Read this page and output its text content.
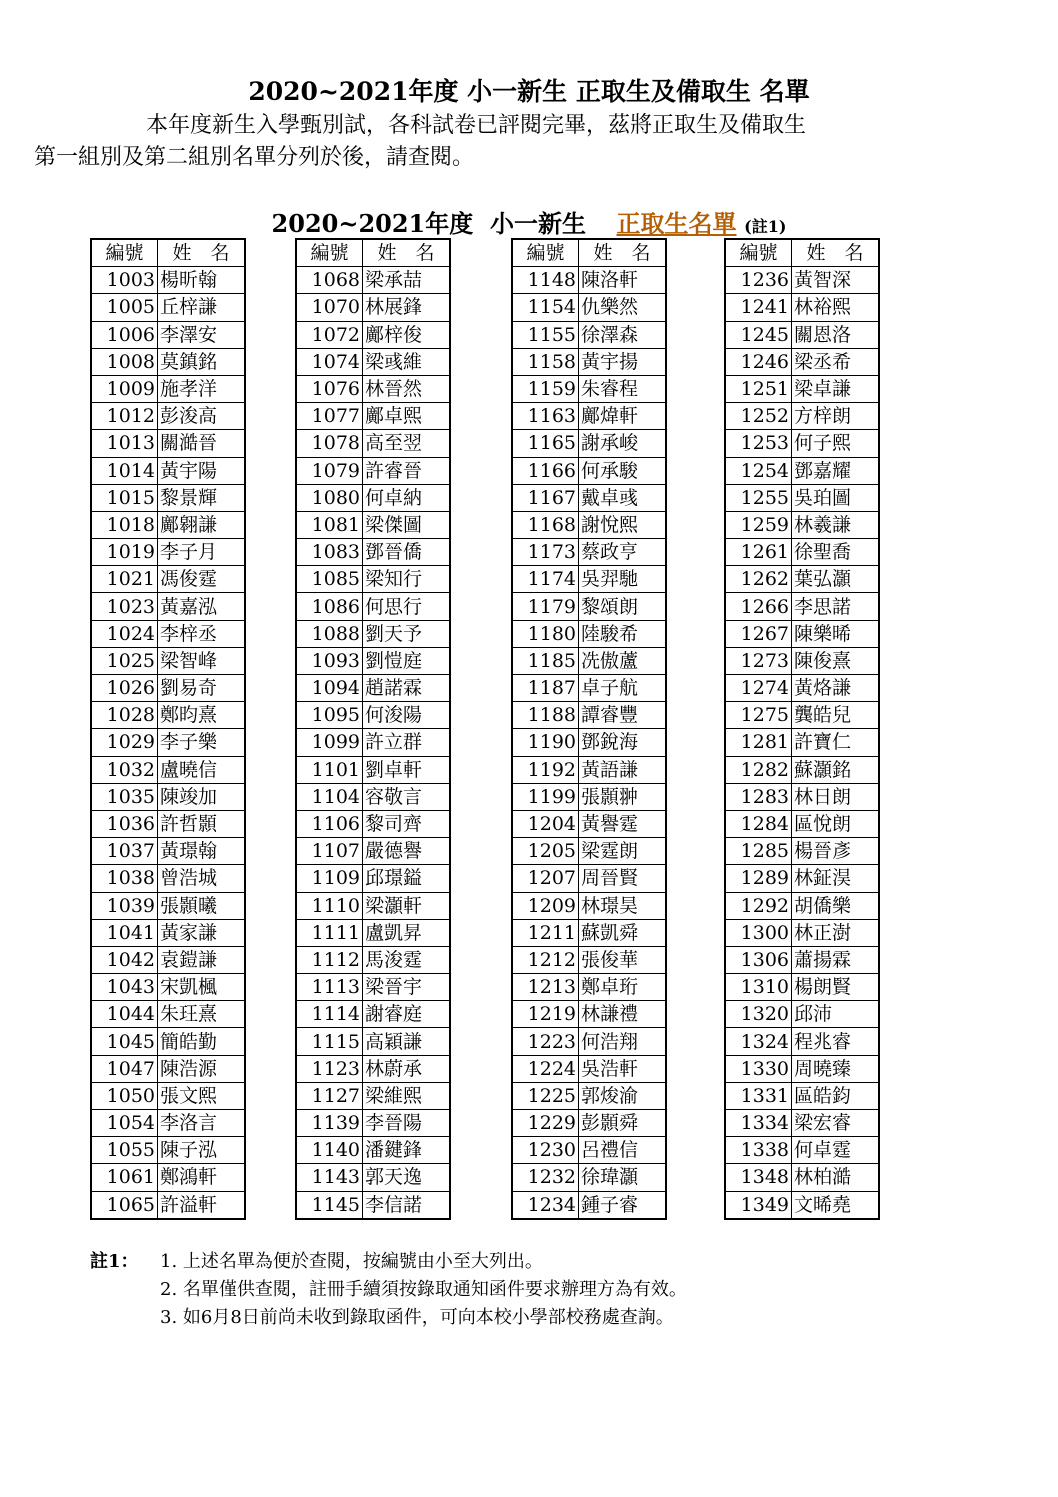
2020~2021年度 小一新生 正取生及備取生 名單
本年度新生入學甄別試，各科試卷已評閱完畢，茲將正取生及備取生
第一組別及第二組別名單分列於後，請查閱。
2020~2021年度  小一新生 正取生名單 (註1)
編號	姓　名
1003	楊昕翰
1005	丘梓謙
1006	李澤安
1008	莫鎮銘
1009	施孝洋
1012	彭浚高
1013	關澔晉
1014	黃宇陽
1015	黎景輝
1018	鄺翱謙
1019	李子月
1021	馮俊霆
1023	黃嘉泓
1024	李梓丞
1025	梁智峰
1026	劉易奇
1028	鄭昀熹
1029	李子樂
1032	盧曉信
1035	陳竣加
1036	許哲顥
1037	黃璟翰
1038	曾浩城
1039	張顥曦
1041	黃家謙
1042	袁鎧謙
1043	宋凱楓
1044	朱玨熹
1045	簡皓勤
1047	陳浩源
1050	張文熙
1054	李洛言
1055	陳子泓
1061	鄭鴻軒
1065	許溢軒
編號	姓　名
1068	梁承喆
1070	林展鋒
1072	鄺梓俊
1074	梁彧維
1076	林晉然
1077	鄺卓熙
1078	高至翌
1079	許睿晉
1080	何卓納
1081	梁傑圖
1083	鄧晉僑
1085	梁知行
1086	何思行
1088	劉天予
1093	劉愷庭
1094	趙諾霖
1095	何浚陽
1099	許立群
1101	劉卓軒
1104	容敬言
1106	黎司齊
1107	嚴德譽
1109	邱璟鎰
1110	梁灝軒
1111	盧凱昇
1112	馬浚霆
1113	梁晉宇
1114	謝睿庭
1115	高穎謙
1123	林蔚承
1127	梁維熙
1139	李晉陽
1140	潘鍵鋒
1143	郭天逸
1145	李信諾
編號	姓　名
1148	陳洛軒
1154	仇樂然
1155	徐澤森
1158	黃宇揚
1159	朱睿程
1163	鄺煒軒
1165	謝承峻
1166	何承駿
1167	戴卓彧
1168	謝悅熙
1173	蔡政亨
1174	吳羿馳
1179	黎頌朗
1180	陸駿希
1185	冼傲蘆
1187	卓子航
1188	譚睿豐
1190	鄧銳海
1192	黃語謙
1199	張顥翀
1204	黃譽霆
1205	梁霆朗
1207	周晉賢
1209	林璟昊
1211	蘇凱舜
1212	張俊華
1213	鄭卓珩
1219	林謙禮
1223	何浩翔
1224	吳浩軒
1225	郭焌渝
1229	彭顥舜
1230	呂禮信
1232	徐瑋灝
1234	鍾子睿
編號	姓　名
1236	黃智深
1241	林裕熙
1245	關恩洛
1246	梁丞希
1251	梁卓謙
1252	方梓朗
1253	何子熙
1254	鄧嘉耀
1255	吳珀圖
1259	林羲謙
1261	徐聖喬
1262	葉弘灝
1266	李思諾
1267	陳樂晞
1273	陳俊熹
1274	黃烙謙
1275	龔皓兒
1281	許寶仁
1282	蘇灝銘
1283	林日朗
1284	區悅朗
1285	楊晉彥
1289	林鉦淏
1292	胡僑樂
1300	林正澍
1306	蕭揚霖
1310	楊朗賢
1320	邱沛
1324	程兆睿
1330	周曉臻
1331	區皓鈞
1334	梁宏睿
1338	何卓霆
1348	林柏澔
1349	文晞堯
註1： 1. 上述名單為便於查閱，按編號由小至大列出。
2. 名單僅供查閱，註冊手續須按錄取通知函件要求辦理方為有效。
3. 如6月8日前尚未收到錄取函件，可向本校小學部校務處查詢。
